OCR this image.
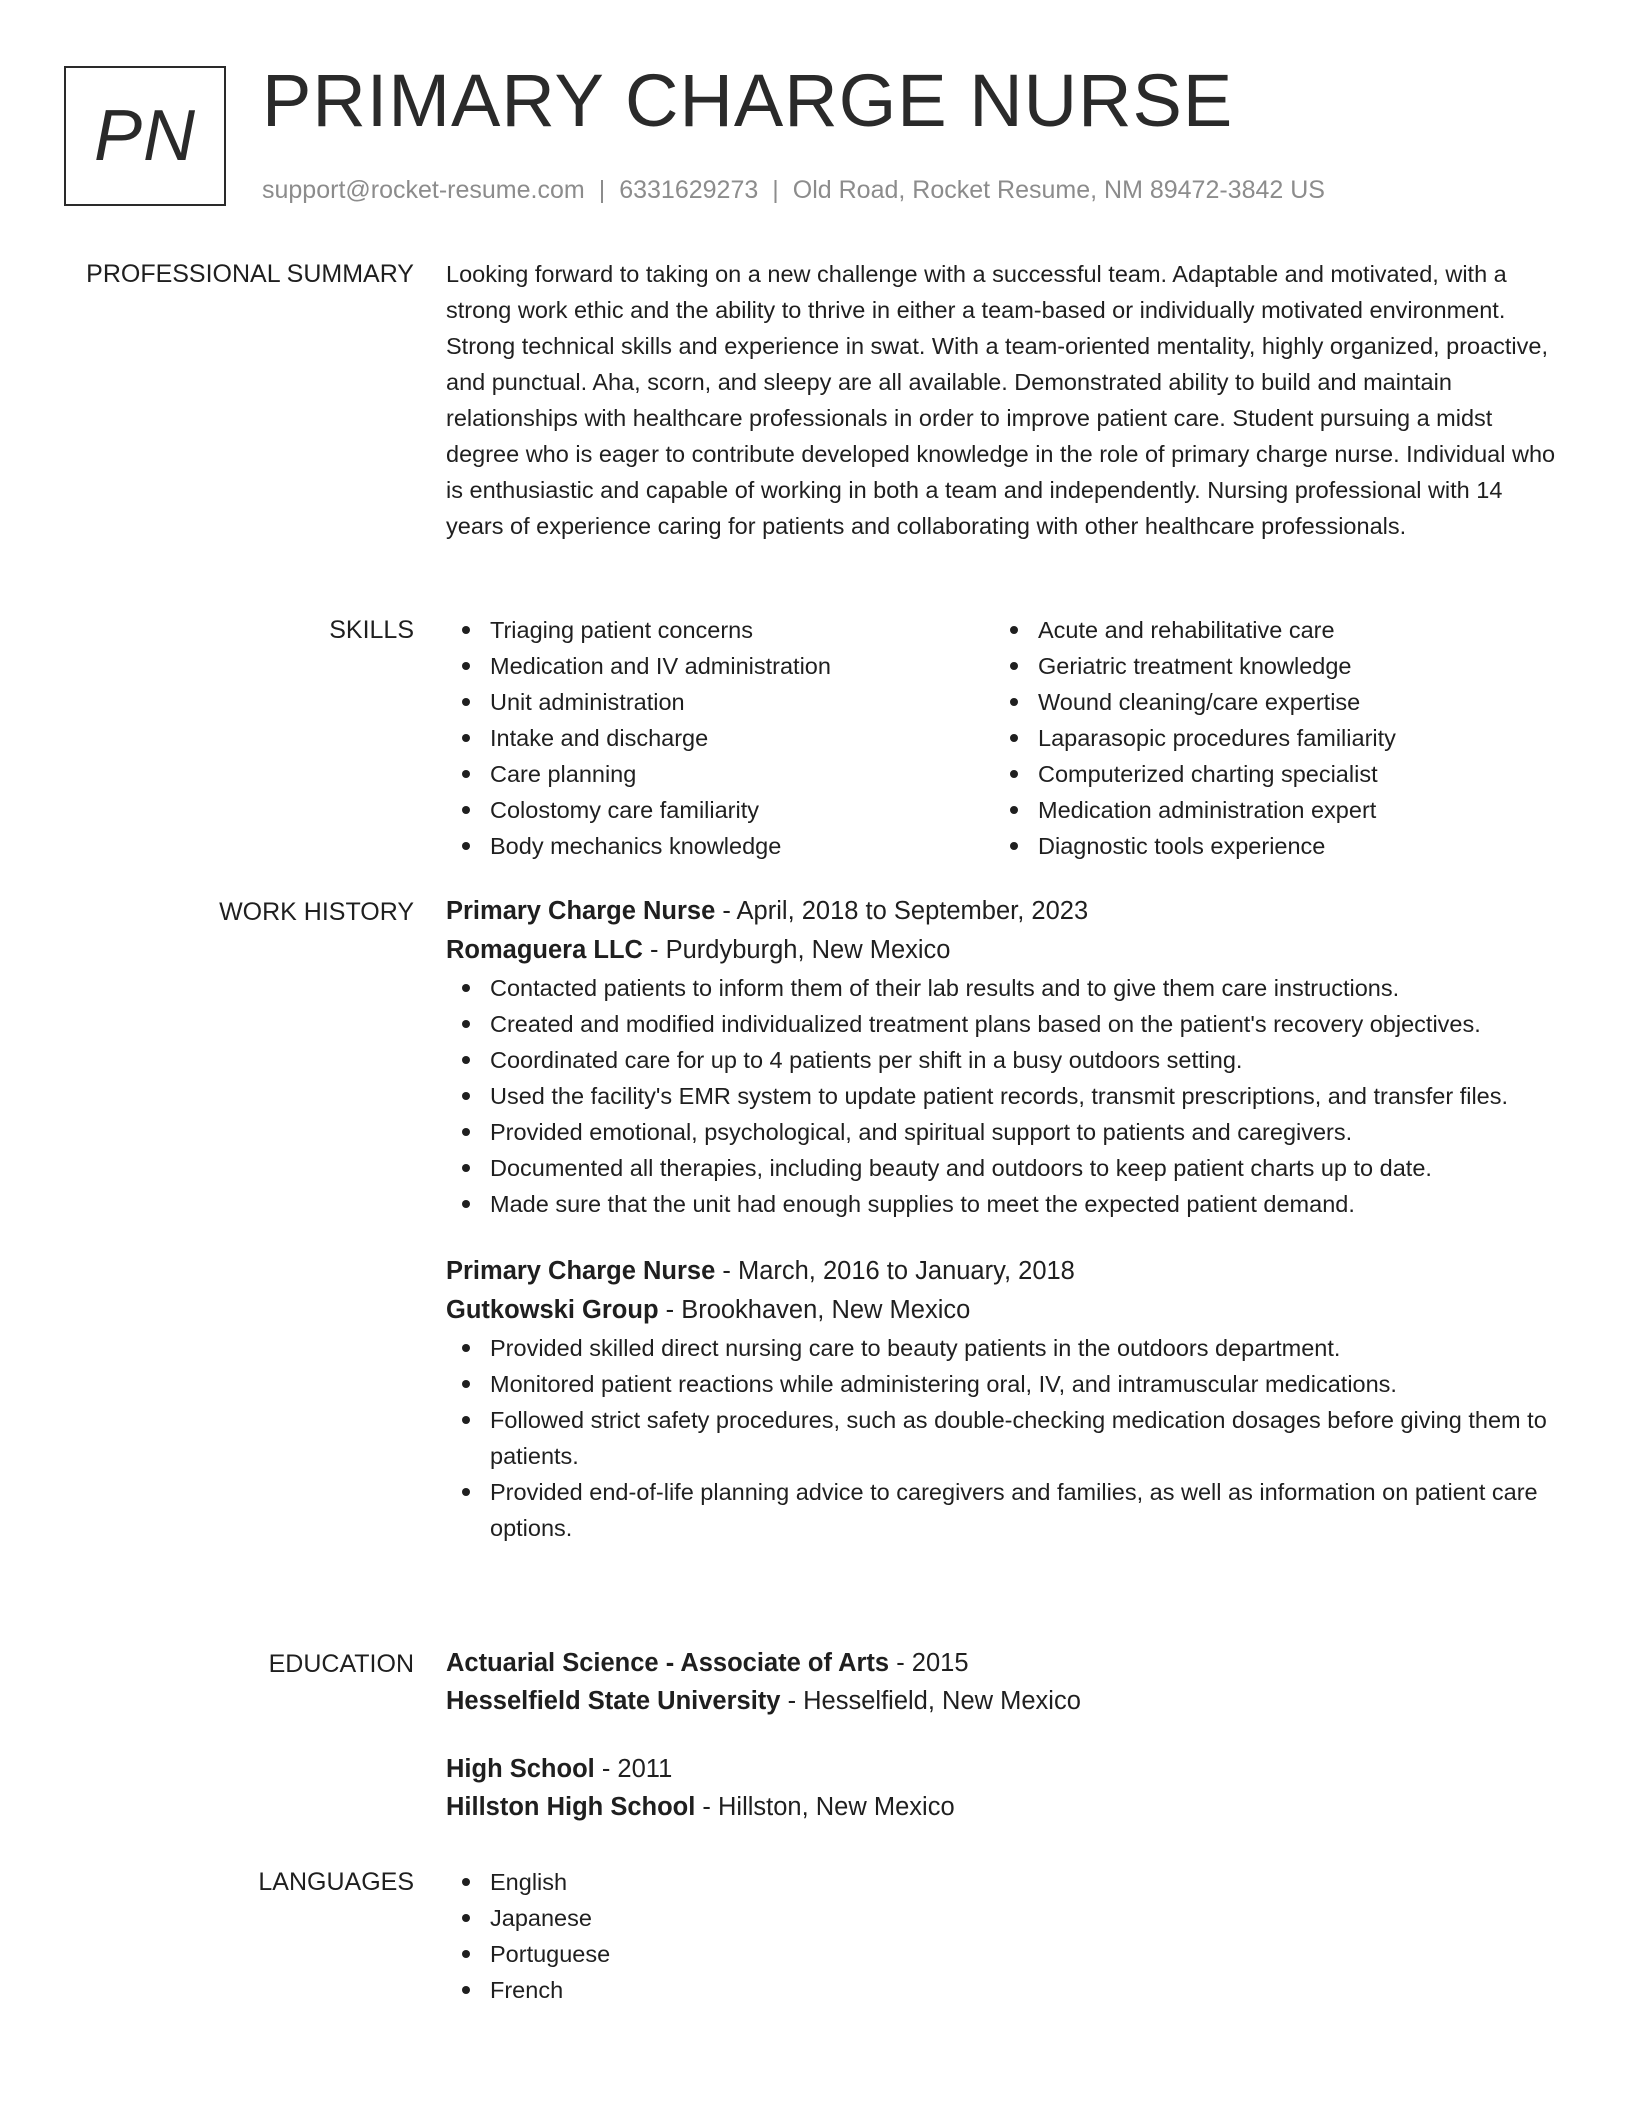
PN PRIMARY CHARGE NURSE
support@rocket-resume.com | 6331629273 | Old Road, Rocket Resume, NM 89472-3842 US
PROFESSIONAL SUMMARY Looking forward to taking on a new challenge with a successful team. Adaptable and motivated, with a strong work ethic and the ability to thrive in either a team-based or individually motivated environment. Strong technical skills and experience in swat. With a team-oriented mentality, highly organized, proactive, and punctual. Aha, scorn, and sleepy are all available. Demonstrated ability to build and maintain relationships with healthcare professionals in order to improve patient care. Student pursuing a midst degree who is eager to contribute developed knowledge in the role of primary charge nurse. Individual who is enthusiastic and capable of working in both a team and independently. Nursing professional with 14 years of experience caring for patients and collaborating with other healthcare professionals.

SKILLS	Triaging patient concerns
Medication and IV administration
Unit administration
Intake and discharge
Care planning
Colostomy care familiarity
Body mechanics knowledge
Acute and rehabilitative care
Geriatric treatment knowledge
Wound cleaning/care expertise
Laparasopic procedures familiarity
Computerized charting specialist
Medication administration expert
Diagnostic tools experience
WORK HISTORY Primary Charge Nurse - April, 2018 to September, 2023
Romaguera LLC - Purdyburgh, New Mexico
Contacted patients to inform them of their lab results and to give them care instructions.
Created and modified individualized treatment plans based on the patient's recovery objectives.
Coordinated care for up to 4 patients per shift in a busy outdoors setting.
Used the facility's EMR system to update patient records, transmit prescriptions, and transfer files.
Provided emotional, psychological, and spiritual support to patients and caregivers.
Documented all therapies, including beauty and outdoors to keep patient charts up to date.
Made sure that the unit had enough supplies to meet the expected patient demand.
Primary Charge Nurse - March, 2016 to January, 2018
Gutkowski Group - Brookhaven, New Mexico
Provided skilled direct nursing care to beauty patients in the outdoors department.
Monitored patient reactions while administering oral, IV, and intramuscular medications.
Followed strict safety procedures, such as double-checking medication dosages before giving them to patients.
Provided end-of-life planning advice to caregivers and families, as well as information on patient care options.
EDUCATION Actuarial Science - Associate of Arts - 2015
Hesselfield State University - Hesselfield, New Mexico
High School - 2011
Hillston High School - Hillston, New Mexico
LANGUAGES	English
Japanese
Portuguese
French
